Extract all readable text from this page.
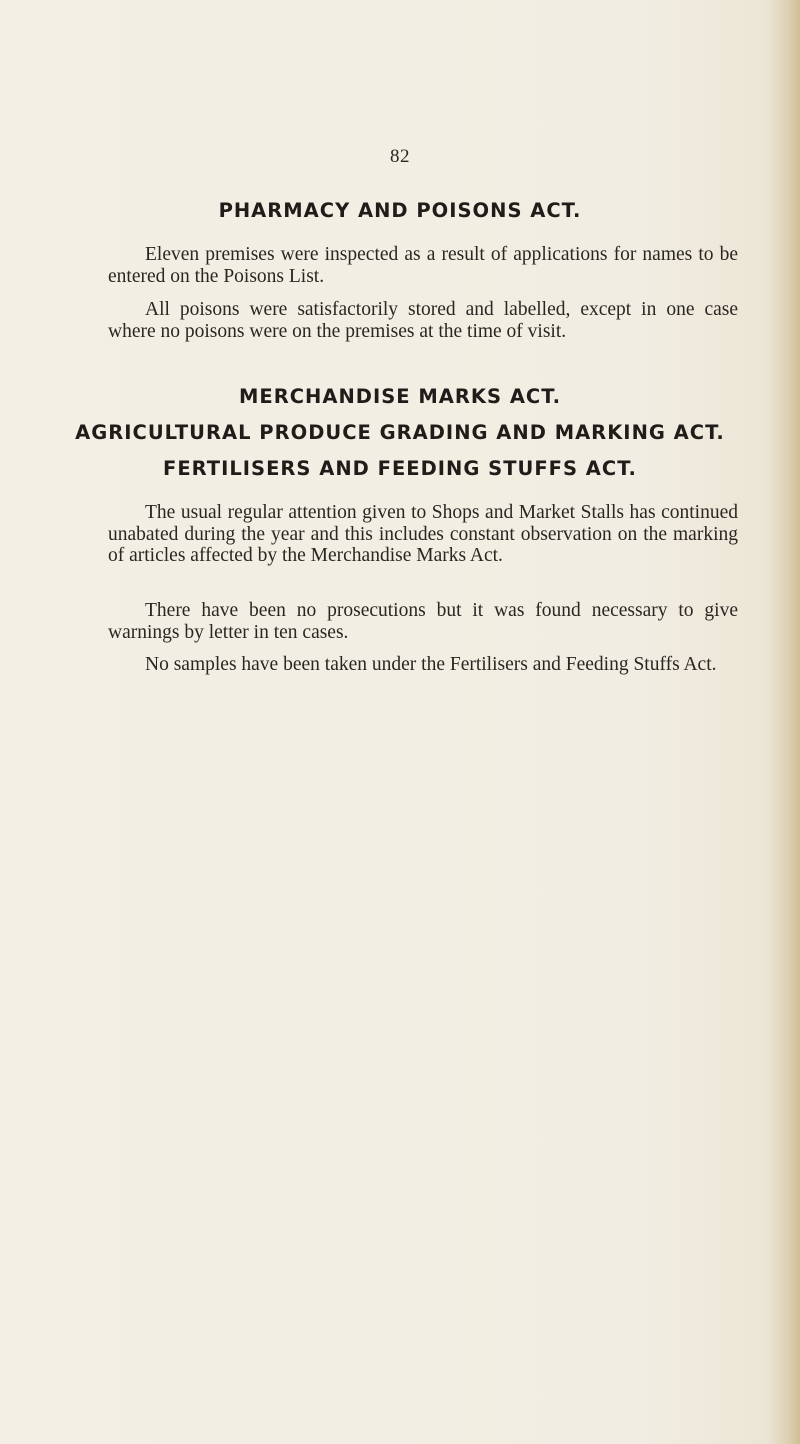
82
PHARMACY AND POISONS ACT.

Eleven premises were inspected as a result of applications for names to be entered on the Poisons List.

All poisons were satisfactorily stored and labelled, except in one case where no poisons were on the premises at the time of visit.

MERCHANDISE MARKS ACT.
AGRICULTURAL PRODUCE GRADING AND MARKING ACT.
FERTILISERS AND FEEDING STUFFS ACT.

The usual regular attention given to Shops and Market Stalls has continued unabated during the year and this includes constant observation on the marking of articles affected by the Merchandise Marks Act.

There have been no prosecutions but it was found necessary to give warnings by letter in ten cases.

No samples have been taken under the Fertilisers and Feeding Stuffs Act.
